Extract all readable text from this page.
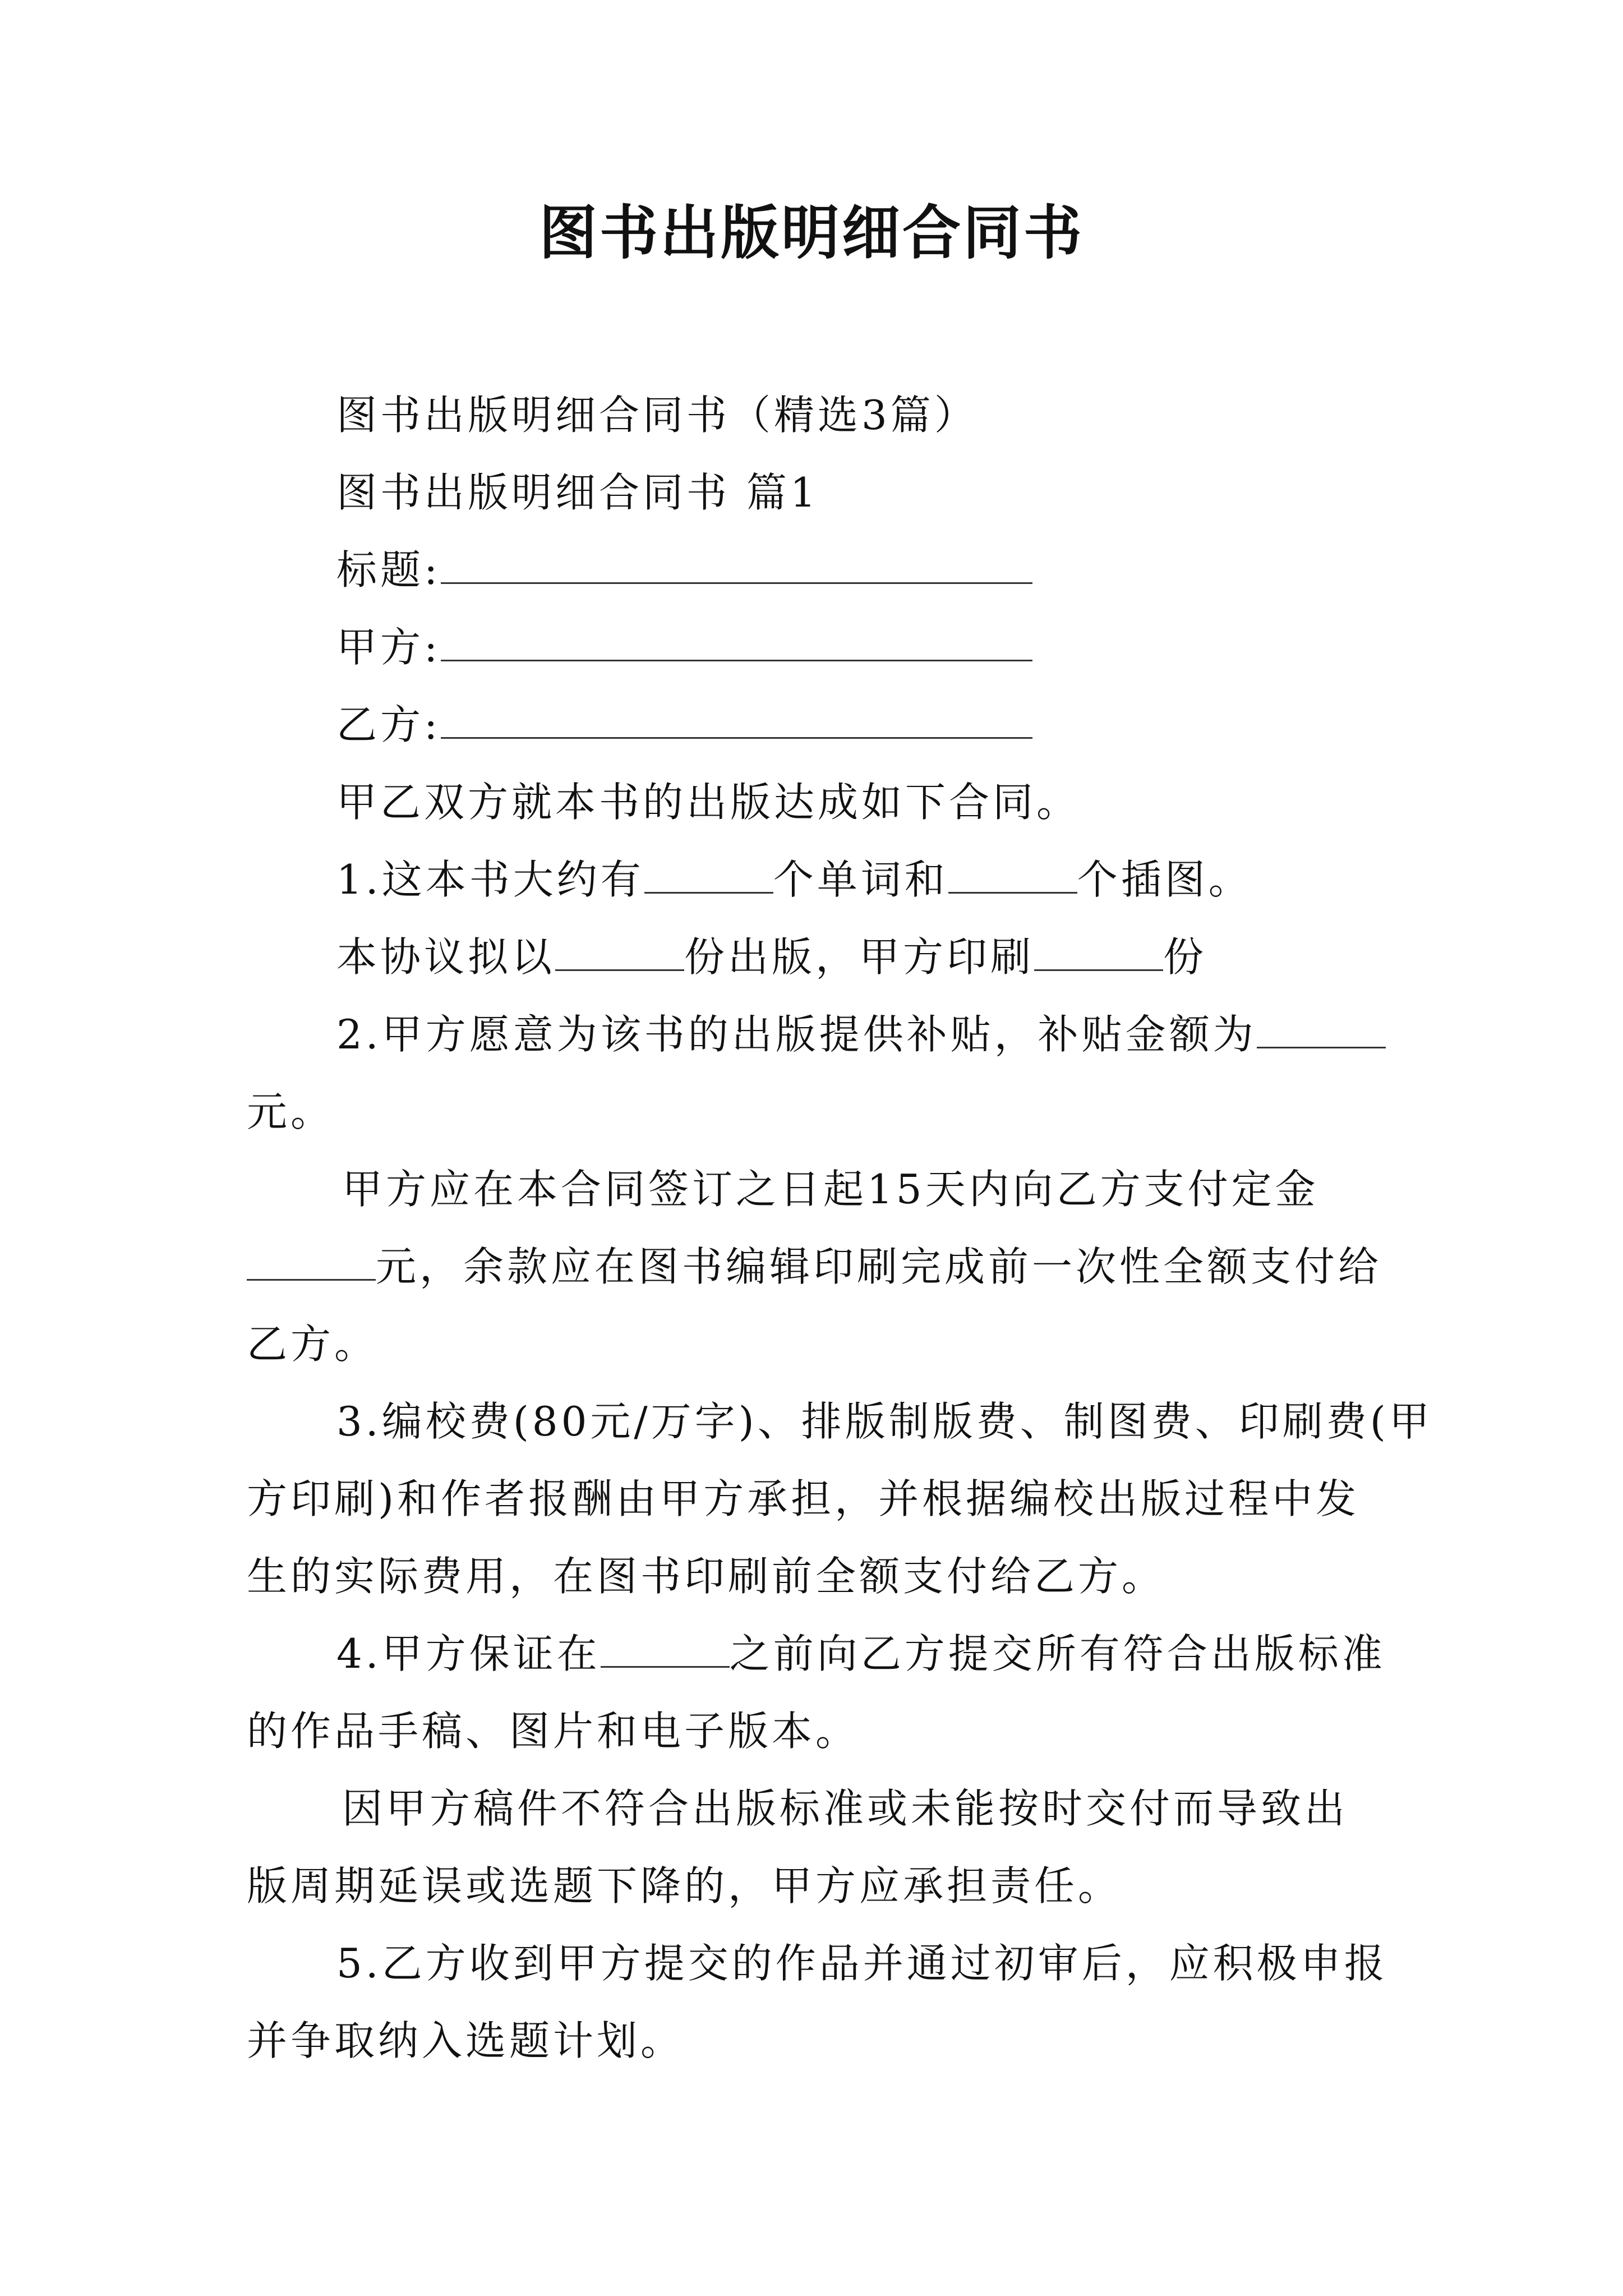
图书出版明细合同书
图书出版明细合同书（精选3篇）
图书出版明细合同书 篇1
标题:
甲方:
乙方:
甲乙双方就本书的出版达成如下合同。
1.这本书大约有	个单词和	个插图。
本协议拟以	份出版，甲方印刷	份
2.甲方愿意为该书的出版提供补贴，补贴金额为
元。
甲方应在本合同签订之日起15天内向乙方支付定金
元，余款应在图书编辑印刷完成前一次性全额支付给
乙方。
3.编校费(80元/万字)、排版制版费、制图费、印刷费(甲
方印刷)和作者报酬由甲方承担，并根据编校出版过程中发
生的实际费用，在图书印刷前全额支付给乙方。
4.甲方保证在	之前向乙方提交所有符合出版标准
的作品手稿、图片和电子版本。
因甲方稿件不符合出版标准或未能按时交付而导致出
版周期延误或选题下降的，甲方应承担责任。
5.乙方收到甲方提交的作品并通过初审后，应积极申报
并争取纳入选题计划。
